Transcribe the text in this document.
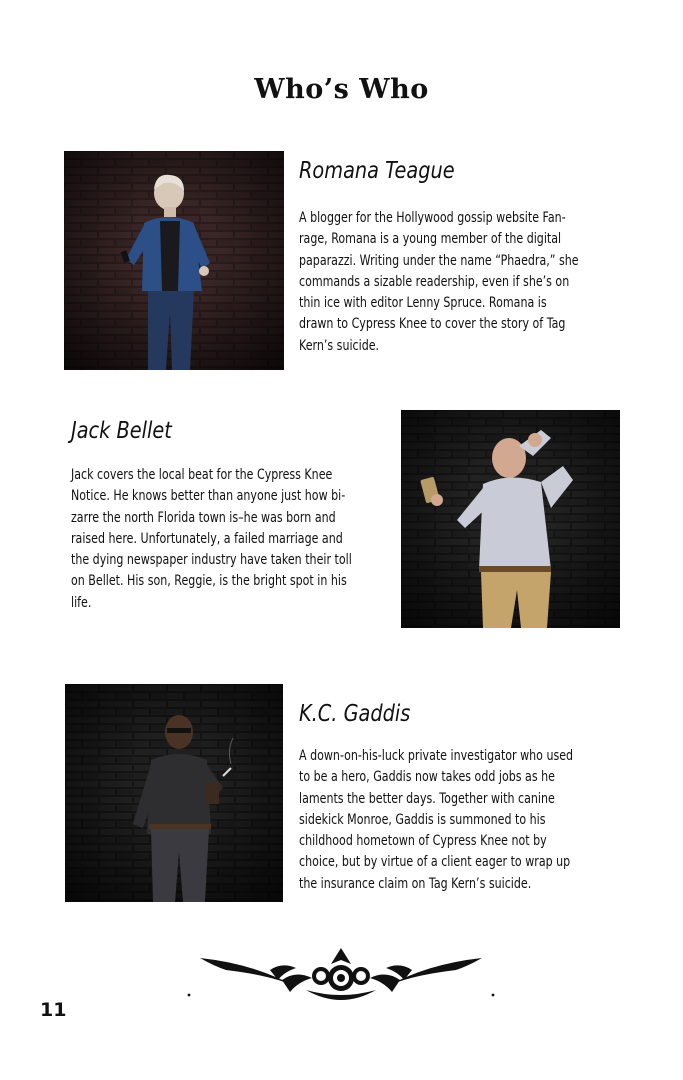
Who’s Who
Romana Teague
A blogger for the Hollywood gossip website Fan-
rage, Romana is a young member of the digital
paparazzi. Writing under the name “Phaedra,” she
commands a sizable readership, even if she’s on
thin ice with editor Lenny Spruce. Romana is
drawn to Cypress Knee to cover the story of Tag
Kern’s suicide.
Jack Bellet
Jack covers the local beat for the Cypress Knee
Notice. He knows better than anyone just how bi-
zarre the north Florida town is–he was born and
raised here. Unfortunately, a failed marriage and
the dying newspaper industry have taken their toll
on Bellet. His son, Reggie, is the bright spot in his
life.
K.C. Gaddis
A down-on-his-luck private investigator who used
to be a hero, Gaddis now takes odd jobs as he
laments the better days. Together with canine
sidekick Monroe, Gaddis is summoned to his
childhood hometown of Cypress Knee not by
choice, but by virtue of a client eager to wrap up
the insurance claim on Tag Kern’s suicide.
11
